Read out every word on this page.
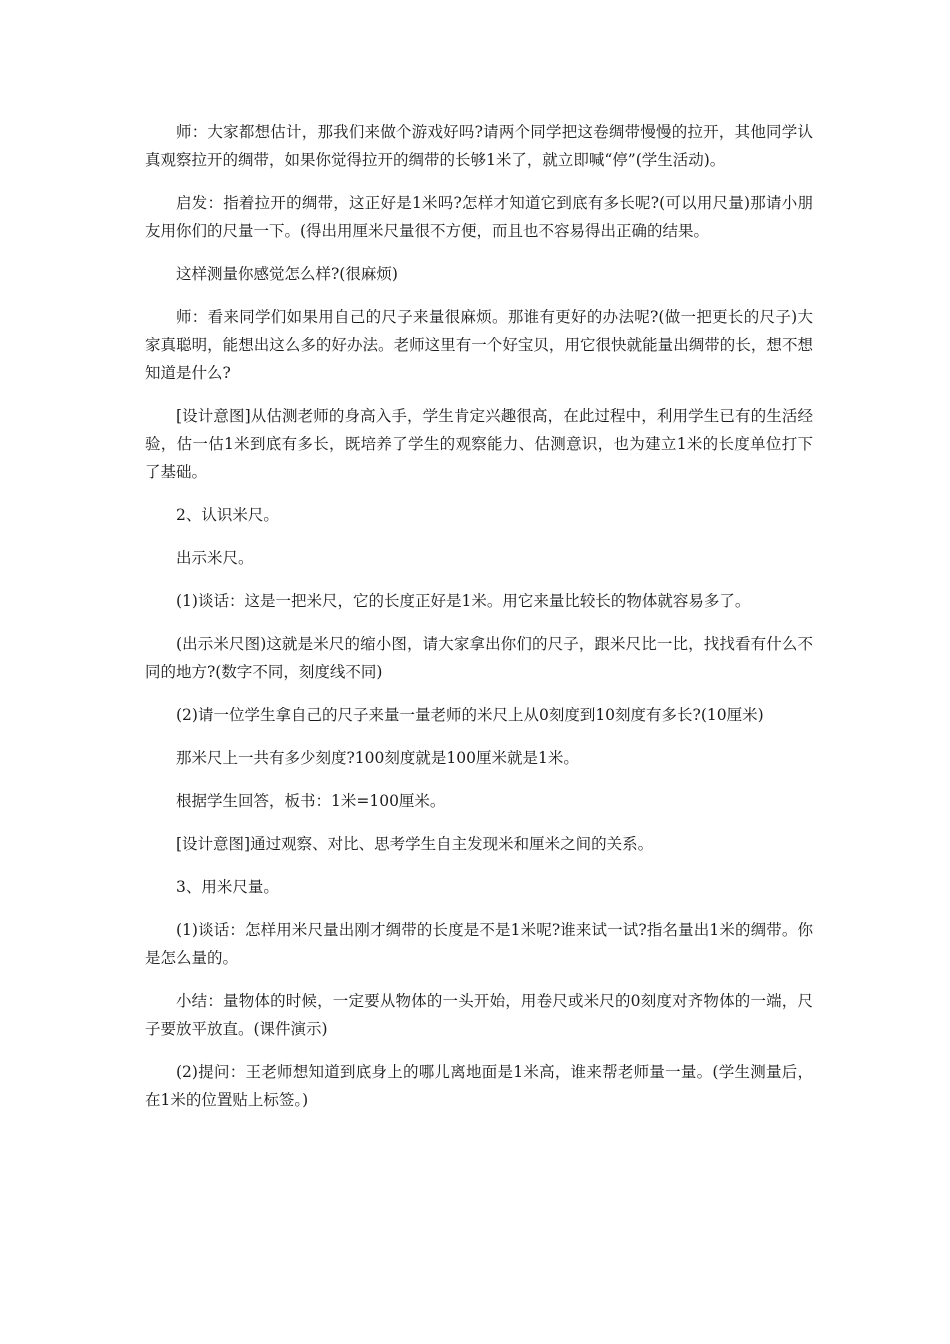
师：大家都想估计，那我们来做个游戏好吗?请两个同学把这卷绸带慢慢的拉开，其他同学认真观察拉开的绸带，如果你觉得拉开的绸带的长够1米了，就立即喊“停”(学生活动)。

启发：指着拉开的绸带，这正好是1米吗?怎样才知道它到底有多长呢?(可以用尺量)那请小朋友用你们的尺量一下。(得出用厘米尺量很不方便，而且也不容易得出正确的结果。

这样测量你感觉怎么样?(很麻烦)

师：看来同学们如果用自己的尺子来量很麻烦。那谁有更好的办法呢?(做一把更长的尺子)大家真聪明，能想出这么多的好办法。老师这里有一个好宝贝，用它很快就能量出绸带的长，想不想知道是什么?

[设计意图]从估测老师的身高入手，学生肯定兴趣很高，在此过程中，利用学生已有的生活经验，估一估1米到底有多长，既培养了学生的观察能力、估测意识，也为建立1米的长度单位打下了基础。

2、认识米尺。

出示米尺。

(1)谈话：这是一把米尺，它的长度正好是1米。用它来量比较长的物体就容易多了。

(出示米尺图)这就是米尺的缩小图，请大家拿出你们的尺子，跟米尺比一比，找找看有什么不同的地方?(数字不同，刻度线不同)

(2)请一位学生拿自己的尺子来量一量老师的米尺上从0刻度到10刻度有多长?(10厘米)

那米尺上一共有多少刻度?100刻度就是100厘米就是1米。

根据学生回答，板书：1米=100厘米。

[设计意图]通过观察、对比、思考学生自主发现米和厘米之间的关系。

3、用米尺量。

(1)谈话：怎样用米尺量出刚才绸带的长度是不是1米呢?谁来试一试?指名量出1米的绸带。你是怎么量的。

小结：量物体的时候，一定要从物体的一头开始，用卷尺或米尺的0刻度对齐物体的一端，尺子要放平放直。(课件演示)

(2)提问：王老师想知道到底身上的哪儿离地面是1米高，谁来帮老师量一量。(学生测量后，在1米的位置贴上标签。)
